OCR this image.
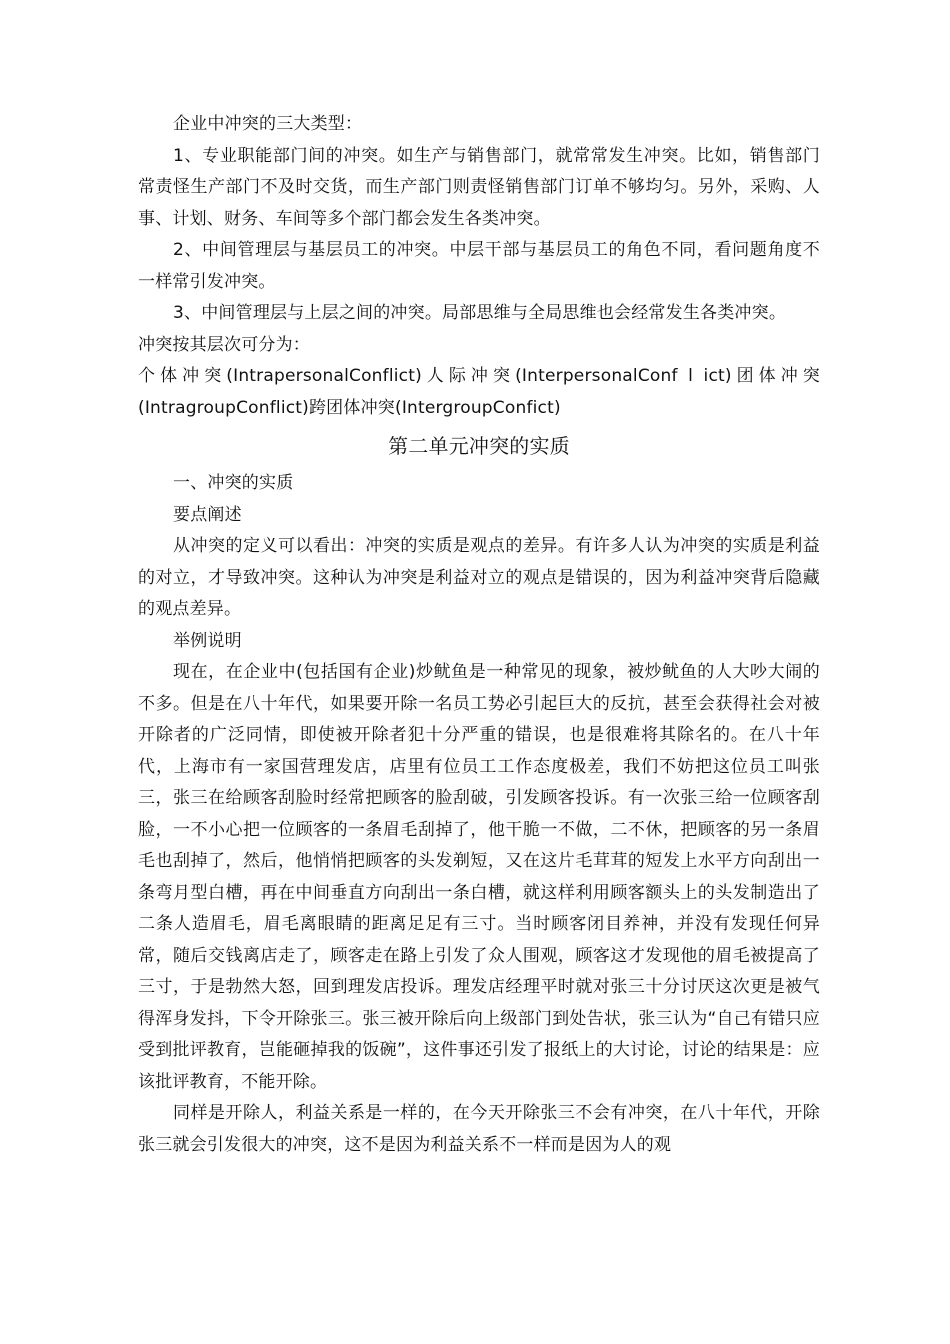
企业中冲突的三大类型：

1、专业职能部门间的冲突。如生产与销售部门，就常常发生冲突。比如，销售部门常责怪生产部门不及时交货，而生产部门则责怪销售部门订单不够均匀。另外，采购、人事、计划、财务、车间等多个部门都会发生各类冲突。

2、中间管理层与基层员工的冲突。中层干部与基层员工的角色不同，看问题角度不一样常引发冲突。

3、中间管理层与上层之间的冲突。局部思维与全局思维也会经常发生各类冲突。

冲突按其层次可分为：

个体冲突(IntrapersonalConflict)人际冲突(InterpersonalConf l ict)团体冲突(IntragroupConflict)跨团体冲突(IntergroupConfict)

第二单元冲突的实质

一、冲突的实质

要点阐述

从冲突的定义可以看出：冲突的实质是观点的差异。有许多人认为冲突的实质是利益的对立，才导致冲突。这种认为冲突是利益对立的观点是错误的，因为利益冲突背后隐藏的观点差异。

举例说明

现在，在企业中(包括国有企业)炒鱿鱼是一种常见的现象，被炒鱿鱼的人大吵大闹的不多。但是在八十年代，如果要开除一名员工势必引起巨大的反抗，甚至会获得社会对被开除者的广泛同情，即使被开除者犯十分严重的错误，也是很难将其除名的。在八十年代，上海市有一家国营理发店，店里有位员工工作态度极差，我们不妨把这位员工叫张三，张三在给顾客刮脸时经常把顾客的脸刮破，引发顾客投诉。有一次张三给一位顾客刮脸，一不小心把一位顾客的一条眉毛刮掉了，他干脆一不做，二不休，把顾客的另一条眉毛也刮掉了，然后，他悄悄把顾客的头发剃短，又在这片毛茸茸的短发上水平方向刮出一条弯月型白槽，再在中间垂直方向刮出一条白槽，就这样利用顾客额头上的头发制造出了二条人造眉毛，眉毛离眼睛的距离足足有三寸。当时顾客闭目养神，并没有发现任何异常，随后交钱离店走了，顾客走在路上引发了众人围观，顾客这才发现他的眉毛被提高了三寸，于是勃然大怒，回到理发店投诉。理发店经理平时就对张三十分讨厌这次更是被气得浑身发抖，下令开除张三。张三被开除后向上级部门到处告状，张三认为“自己有错只应受到批评教育，岂能砸掉我的饭碗”，这件事还引发了报纸上的大讨论，讨论的结果是：应该批评教育，不能开除。

同样是开除人，利益关系是一样的，在今天开除张三不会有冲突，在八十年代，开除张三就会引发很大的冲突，这不是因为利益关系不一样而是因为人的观
